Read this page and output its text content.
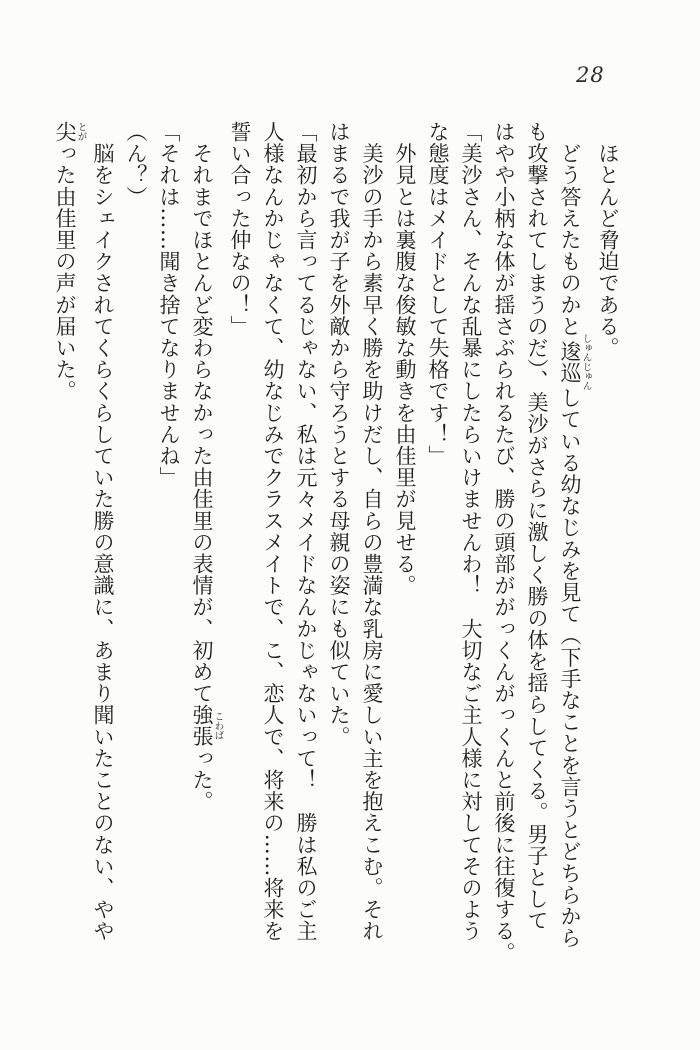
28
　ほとんど脅迫である。
　どう答えたものかと逡巡しゅんじゅんしている幼なじみを見て（下手なことを言うとどちらから
も攻撃されてしまうのだ）、美沙がさらに激しく勝の体を揺らしてくる。男子として
はやや小柄な体が揺さぶられるたび、勝の頭部ががっくんがっくんと前後に往復する。
「美沙さん、そんな乱暴にしたらいけませんわ！　大切なご主人様に対してそのよう
な態度はメイドとして失格です！」
　外見とは裏腹な俊敏な動きを由佳里が見せる。
　美沙の手から素早く勝を助けだし、自らの豊満な乳房に愛しい主を抱えこむ。それ
はまるで我が子を外敵から守ろうとする母親の姿にも似ていた。
「最初から言ってるじゃない、私は元々メイドなんかじゃないって！　勝は私のご主
人様なんかじゃなくて、幼なじみでクラスメイトで、こ、恋人で、将来の……将来を
誓い合った仲なの！」
　それまでほとんど変わらなかった由佳里の表情が、初めて強張こわばった。
「それは……聞き捨てなりませんね」
（ん？）
　脳をシェイクされてくらくらしていた勝の意識に、あまり聞いたことのない、やや
尖とがった由佳里の声が届いた。
